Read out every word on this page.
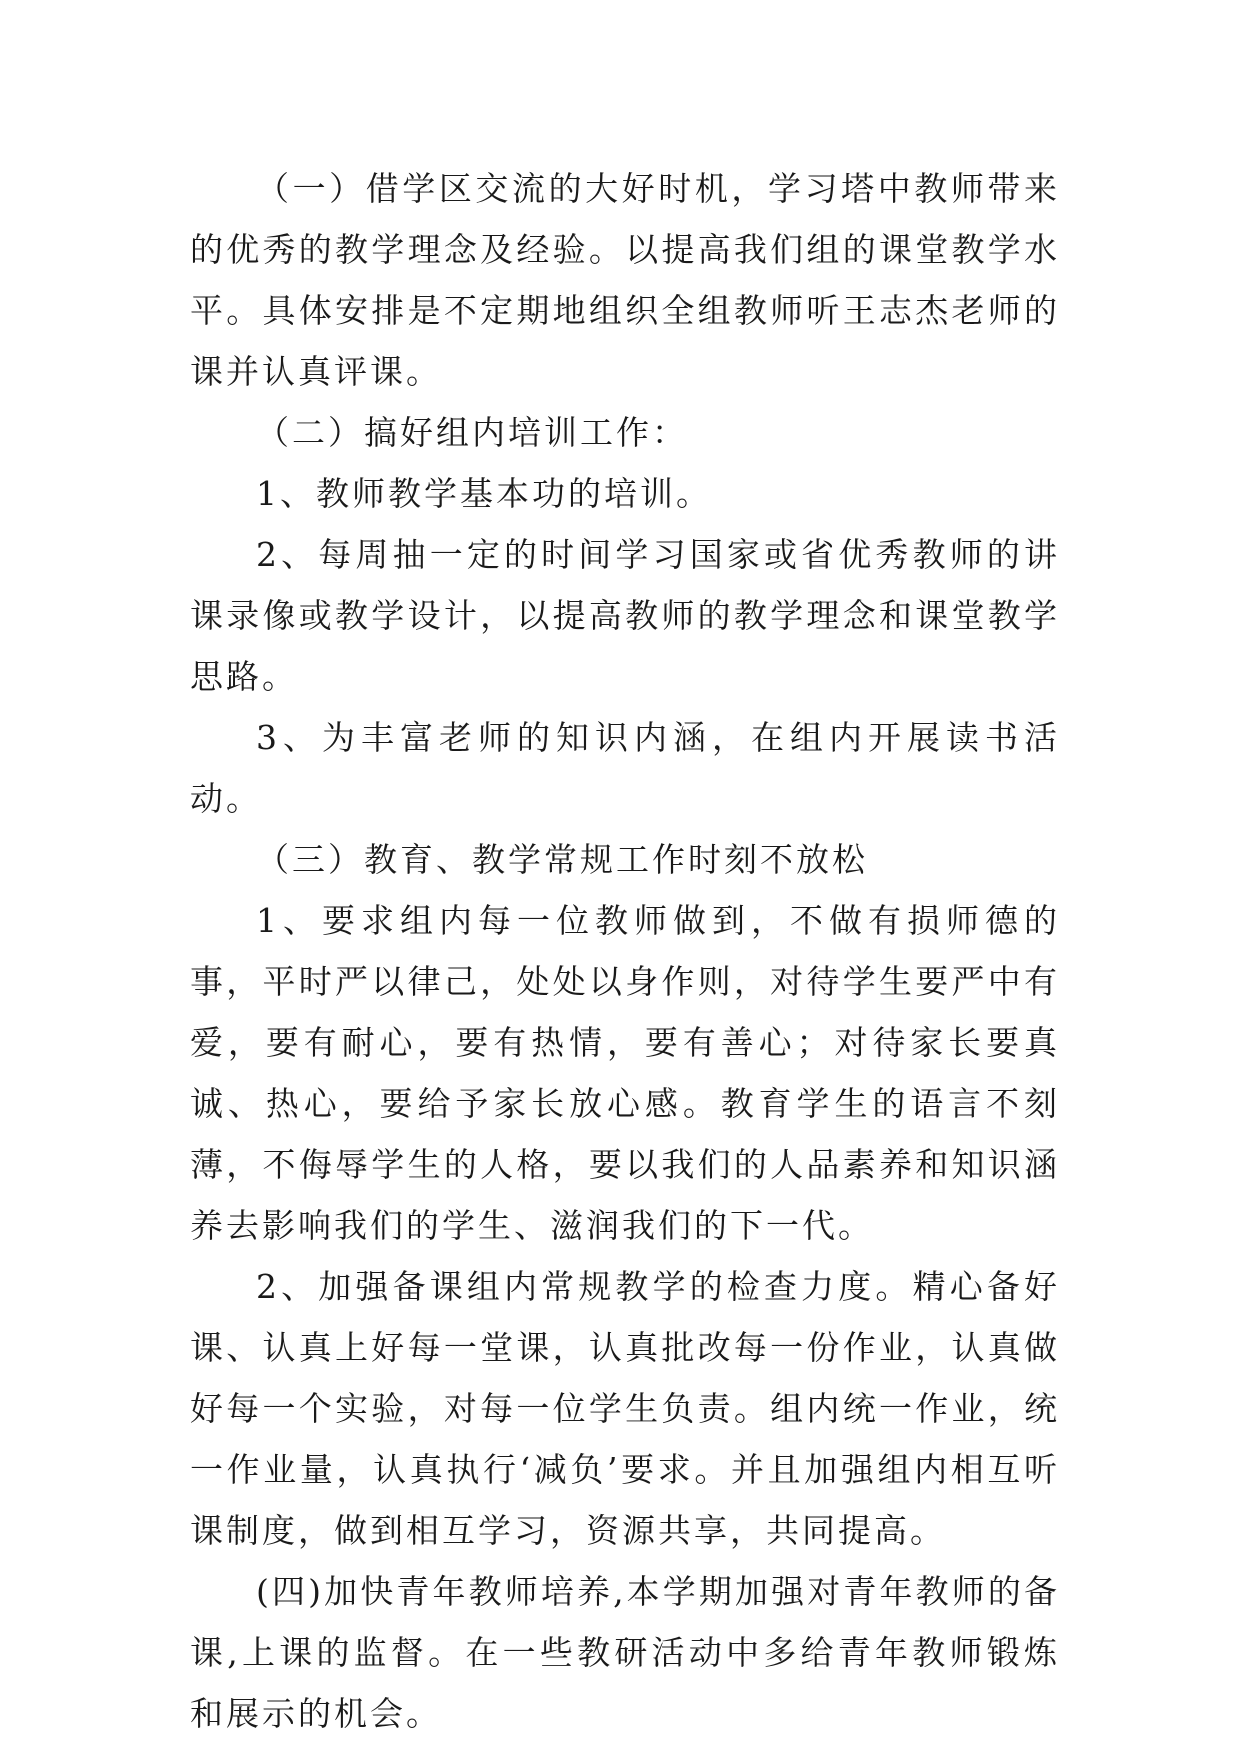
（一）借学区交流的大好时机，学习塔中教师带来的优秀的教学理念及经验。以提高我们组的课堂教学水平。具体安排是不定期地组织全组教师听王志杰老师的课并认真评课。

（二）搞好组内培训工作：

1、教师教学基本功的培训。

2、每周抽一定的时间学习国家或省优秀教师的讲课录像或教学设计，以提高教师的教学理念和课堂教学思路。

3、为丰富老师的知识内涵，在组内开展读书活动。

（三）教育、教学常规工作时刻不放松

1、要求组内每一位教师做到，不做有损师德的事，平时严以律己，处处以身作则，对待学生要严中有爱，要有耐心，要有热情，要有善心；对待家长要真诚、热心，要给予家长放心感。教育学生的语言不刻薄，不侮辱学生的人格，要以我们的人品素养和知识涵养去影响我们的学生、滋润我们的下一代。

2、加强备课组内常规教学的检查力度。精心备好课、认真上好每一堂课，认真批改每一份作业，认真做好每一个实验，对每一位学生负责。组内统一作业，统一作业量，认真执行‘减负’要求。并且加强组内相互听课制度，做到相互学习，资源共享，共同提高。

(四)加快青年教师培养,本学期加强对青年教师的备课,上课的监督。在一些教研活动中多给青年教师锻炼和展示的机会。
